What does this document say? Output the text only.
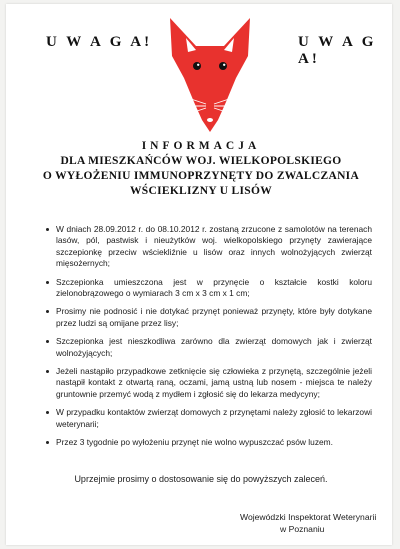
U W A G A!	U W A G A!
INFORMACJA
DLA MIESZKAŃCÓW WOJ. WIELKOPOLSKIEGO
O WYŁOŻENIU IMMUNOPRZYNĘTY DO ZWALCZANIA
WŚCIEKLIZNY U LISÓW
W dniach 28.09.2012 r. do 08.10.2012 r. zostaną zrzucone z samolotów na terenach lasów, pól, pastwisk i nieużytków woj. wielkopolskiego przynęty zawierające szczepionkę przeciw wściekliźnie u lisów oraz innych wolnożyjących zwierząt mięsożernych;
Szczepionka umieszczona jest w przynęcie o kształcie kostki koloru zielonobrązowego o wymiarach 3 cm x 3 cm x 1 cm;
Prosimy nie podnosić i nie dotykać przynęt ponieważ przynęty, które były dotykane przez ludzi są omijane przez lisy;
Szczepionka jest nieszkodliwa zarówno dla zwierząt domowych jak i zwierząt wolnożyjących;
Jeżeli nastąpiło przypadkowe zetknięcie się człowieka z przynętą, szczególnie jeżeli nastąpił kontakt z otwartą raną, oczami, jamą ustną lub nosem - miejsca te należy gruntownie przemyć wodą z mydłem i zgłosić się do lekarza medycyny;
W przypadku kontaktów zwierząt domowych z przynętami należy zgłosić to lekarzowi weterynarii;
Przez 3 tygodnie po wyłożeniu przynęt nie wolno wypuszczać psów luzem.
Uprzejmie prosimy o dostosowanie się do powyższych zaleceń.
Wojewódzki Inspektorat Weterynarii
w Poznaniu
